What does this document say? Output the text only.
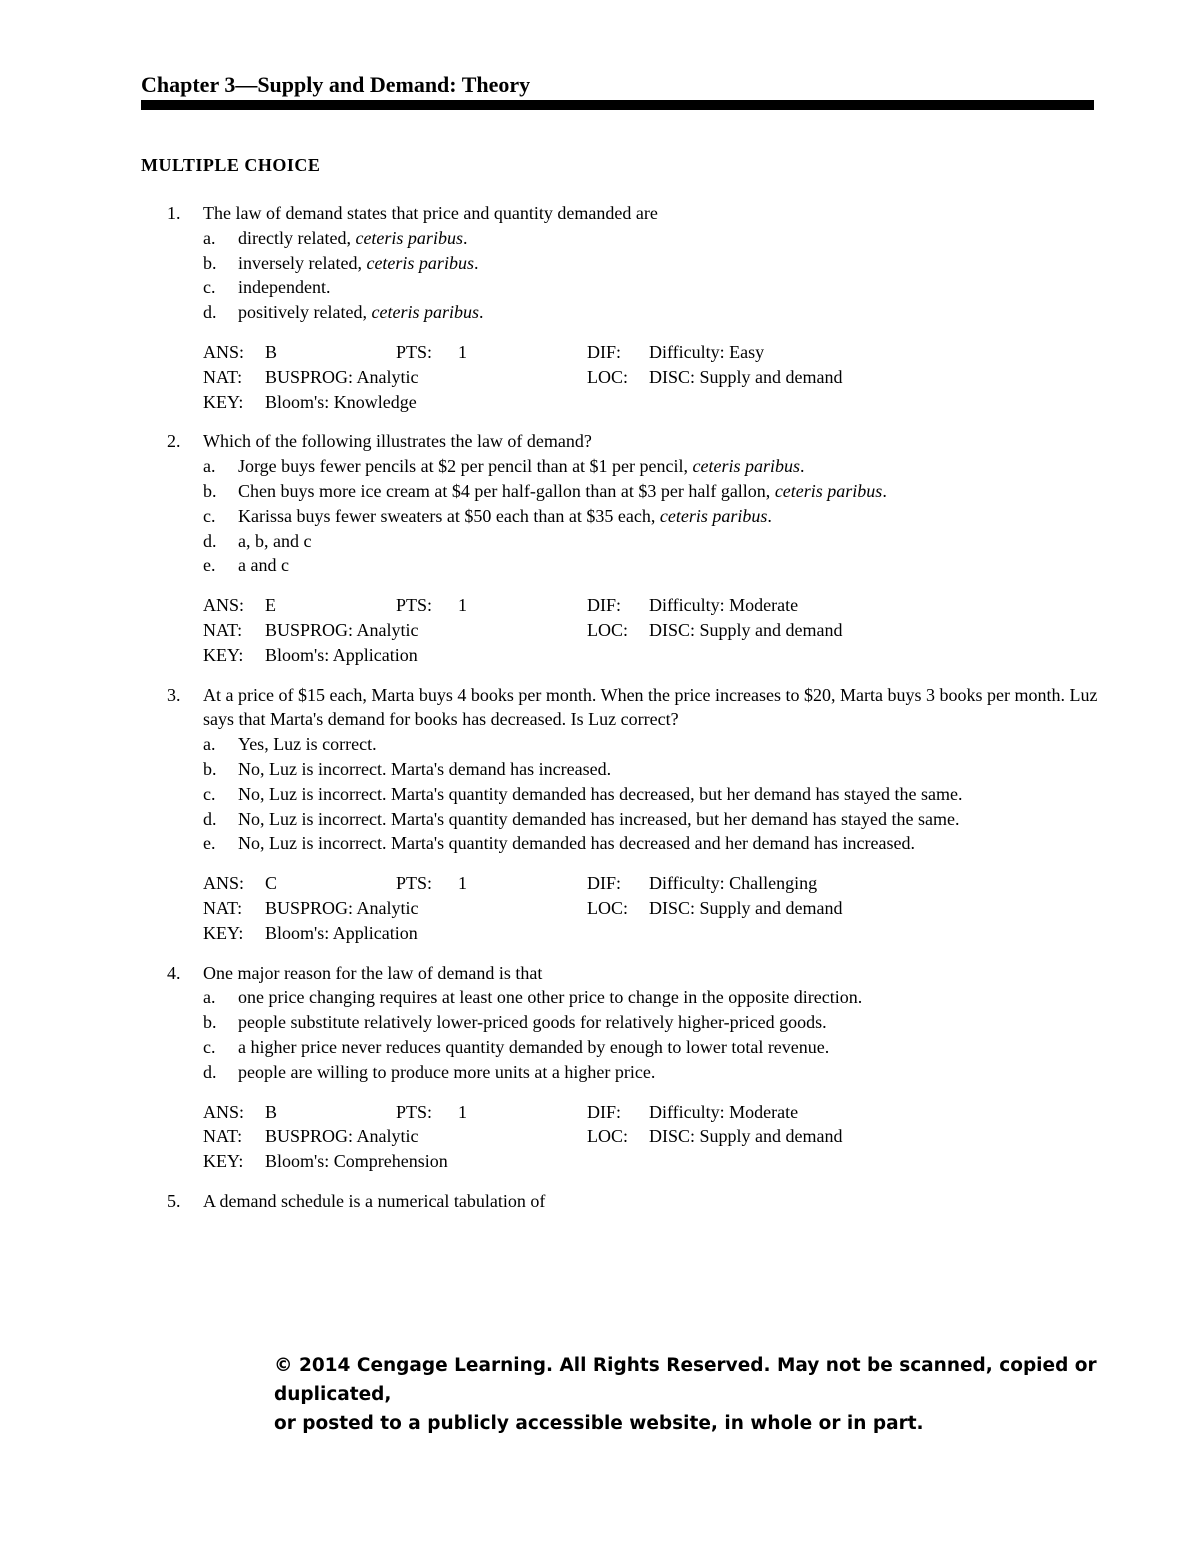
Chapter 3—Supply and Demand: Theory
MULTIPLE CHOICE
1. The law of demand states that price and quantity demanded are
a. directly related, ceteris paribus.
b. inversely related, ceteris paribus.
c. independent.
d. positively related, ceteris paribus.
ANS: B	PTS: 1	DIF: Difficulty: Easy
NAT: BUSPROG: Analytic	LOC: DISC: Supply and demand
KEY: Bloom's: Knowledge
2. Which of the following illustrates the law of demand?
a. Jorge buys fewer pencils at $2 per pencil than at $1 per pencil, ceteris paribus.
b. Chen buys more ice cream at $4 per half-gallon than at $3 per half gallon, ceteris paribus.
c. Karissa buys fewer sweaters at $50 each than at $35 each, ceteris paribus.
d. a, b, and c
e. a and c
ANS: E	PTS: 1	DIF: Difficulty: Moderate
NAT: BUSPROG: Analytic	LOC: DISC: Supply and demand
KEY: Bloom's: Application
3. At a price of $15 each, Marta buys 4 books per month. When the price increases to $20, Marta buys 3 books per month. Luz says that Marta's demand for books has decreased. Is Luz correct?
a. Yes, Luz is correct.
b. No, Luz is incorrect. Marta's demand has increased.
c. No, Luz is incorrect. Marta's quantity demanded has decreased, but her demand has stayed the same.
d. No, Luz is incorrect. Marta's quantity demanded has increased, but her demand has stayed the same.
e. No, Luz is incorrect. Marta's quantity demanded has decreased and her demand has increased.
ANS: C	PTS: 1	DIF: Difficulty: Challenging
NAT: BUSPROG: Analytic	LOC: DISC: Supply and demand
KEY: Bloom's: Application
4. One major reason for the law of demand is that
a. one price changing requires at least one other price to change in the opposite direction.
b. people substitute relatively lower-priced goods for relatively higher-priced goods.
c. a higher price never reduces quantity demanded by enough to lower total revenue.
d. people are willing to produce more units at a higher price.
ANS: B	PTS: 1	DIF: Difficulty: Moderate
NAT: BUSPROG: Analytic	LOC: DISC: Supply and demand
KEY: Bloom's: Comprehension
5. A demand schedule is a numerical tabulation of
© 2014 Cengage Learning. All Rights Reserved. May not be scanned, copied or duplicated,
or posted to a publicly accessible website, in whole or in part.
